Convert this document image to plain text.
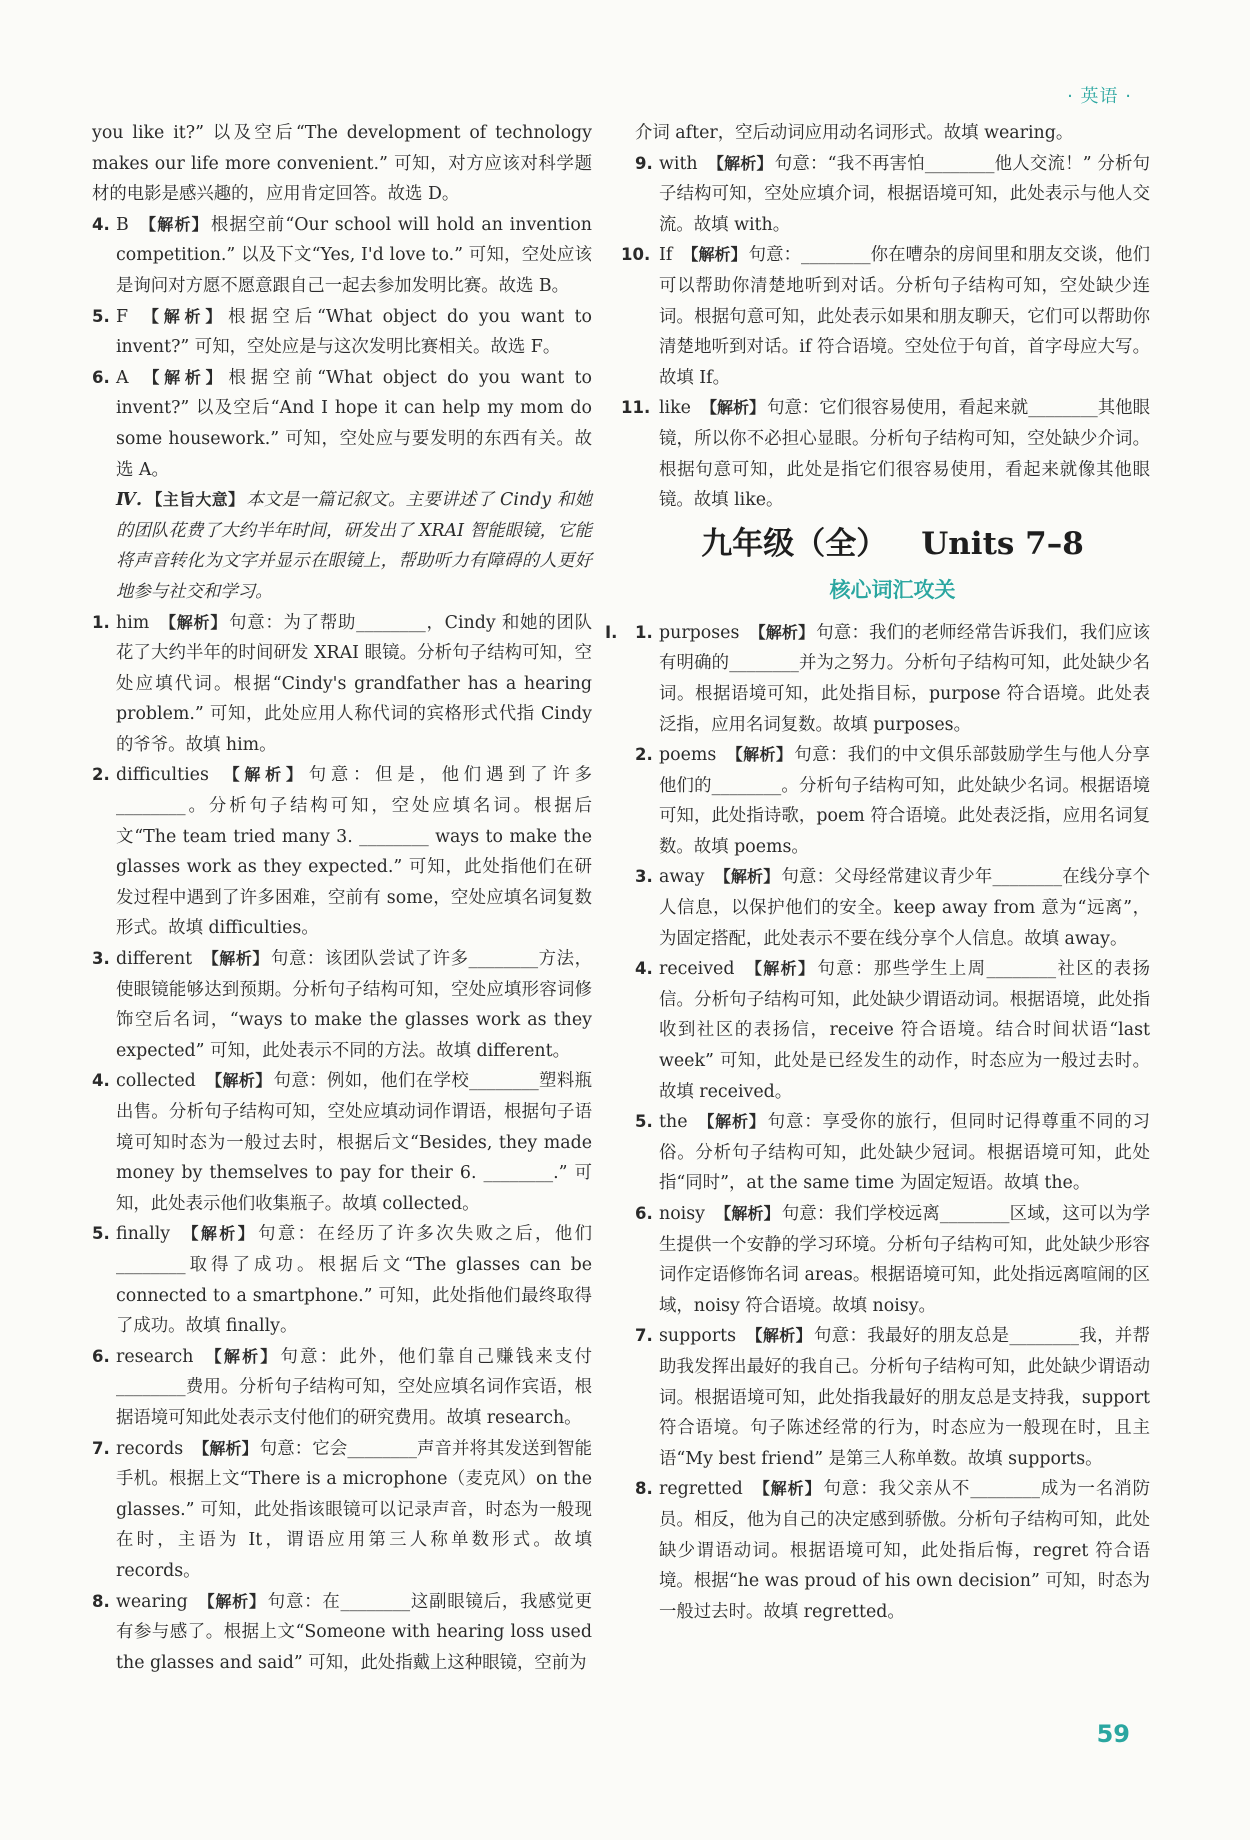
· 英语 ·

you like it?” 以及空后“The development of technology makes our life more convenient.” 可知，对方应该对科学题材的电影是感兴趣的，应用肯定回答。故选 D。

4. B 【解析】 根据空前“Our school will hold an invention competition.” 以及下文“Yes, I'd love to.” 可知，空处应该是询问对方愿不愿意跟自己一起去参加发明比赛。故选 B。

5. F 【解析】 根据空后“What object do you want to invent?” 可知，空处应是与这次发明比赛相关。故选 F。

6. A 【解析】 根据空前“What object do you want to invent?” 以及空后“And I hope it can help my mom do some housework.” 可知，空处应与要发明的东西有关。故选 A。

Ⅳ. 【主旨大意】 本文是一篇记叙文。主要讲述了 Cindy 和她的团队花费了大约半年时间，研发出了 XRAI 智能眼镜，它能将声音转化为文字并显示在眼镜上，帮助听力有障碍的人更好地参与社交和学习。

1. him 【解析】 句意：为了帮助________，Cindy 和她的团队花了大约半年的时间研发 XRAI 眼镜。分析句子结构可知，空处应填代词。根据“Cindy's grandfather has a hearing problem.” 可知，此处应用人称代词的宾格形式代指 Cindy 的爷爷。故填 him。

2. difficulties 【解析】 句意：但是，他们遇到了许多________。分析句子结构可知，空处应填名词。根据后文“The team tried many 3. ________ ways to make the glasses work as they expected.” 可知，此处指他们在研发过程中遇到了许多困难，空前有 some，空处应填名词复数形式。故填 difficulties。

3. different 【解析】 句意：该团队尝试了许多________方法，使眼镜能够达到预期。分析句子结构可知，空处应填形容词修饰空后名词，“ways to make the glasses work as they expected” 可知，此处表示不同的方法。故填 different。

4. collected 【解析】 句意：例如，他们在学校________塑料瓶出售。分析句子结构可知，空处应填动词作谓语，根据句子语境可知时态为一般过去时，根据后文“Besides, they made money by themselves to pay for their 6. ________.” 可知，此处表示他们收集瓶子。故填 collected。

5. finally 【解析】 句意：在经历了许多次失败之后，他们________取得了成功。根据后文“The glasses can be connected to a smartphone.” 可知，此处指他们最终取得了成功。故填 finally。

6. research 【解析】 句意：此外，他们靠自己赚钱来支付________费用。分析句子结构可知，空处应填名词作宾语，根据语境可知此处表示支付他们的研究费用。故填 research。

7. records 【解析】 句意：它会________声音并将其发送到智能手机。根据上文“There is a microphone（麦克风）on the glasses.” 可知，此处指该眼镜可以记录声音，时态为一般现在时，主语为 It，谓语应用第三人称单数形式。故填 records。

8. wearing 【解析】 句意：在________这副眼镜后，我感觉更有参与感了。根据上文“Someone with hearing loss used the glasses and said” 可知，此处指戴上这种眼镜，空前为

介词 after，空后动词应用动名词形式。故填 wearing。

9. with 【解析】 句意：“我不再害怕________他人交流！” 分析句子结构可知，空处应填介词，根据语境可知，此处表示与他人交流。故填 with。

10. If 【解析】 句意：________你在嘈杂的房间里和朋友交谈，他们可以帮助你清楚地听到对话。分析句子结构可知，空处缺少连词。根据句意可知，此处表示如果和朋友聊天，它们可以帮助你清楚地听到对话。if 符合语境。空处位于句首，首字母应大写。故填 If。

11. like 【解析】 句意：它们很容易使用，看起来就________其他眼镜，所以你不必担心显眼。分析句子结构可知，空处缺少介词。根据句意可知，此处是指它们很容易使用，看起来就像其他眼镜。故填 like。

九年级（全） Units 7–8
核心词汇攻关

Ⅰ. 1. purposes 【解析】 句意：我们的老师经常告诉我们，我们应该有明确的________并为之努力。分析句子结构可知，此处缺少名词。根据语境可知，此处指目标，purpose 符合语境。此处表泛指，应用名词复数。故填 purposes。

2. poems 【解析】 句意：我们的中文俱乐部鼓励学生与他人分享他们的________。分析句子结构可知，此处缺少名词。根据语境可知，此处指诗歌，poem 符合语境。此处表泛指，应用名词复数。故填 poems。

3. away 【解析】 句意：父母经常建议青少年________在线分享个人信息，以保护他们的安全。keep away from 意为“远离”，为固定搭配，此处表示不要在线分享个人信息。故填 away。

4. received 【解析】 句意：那些学生上周________社区的表扬信。分析句子结构可知，此处缺少谓语动词。根据语境，此处指收到社区的表扬信，receive 符合语境。结合时间状语“last week” 可知，此处是已经发生的动作，时态应为一般过去时。故填 received。

5. the 【解析】 句意：享受你的旅行，但同时记得尊重不同的习俗。分析句子结构可知，此处缺少冠词。根据语境可知，此处指“同时”，at the same time 为固定短语。故填 the。

6. noisy 【解析】 句意：我们学校远离________区域，这可以为学生提供一个安静的学习环境。分析句子结构可知，此处缺少形容词作定语修饰名词 areas。根据语境可知，此处指远离喧闹的区域，noisy 符合语境。故填 noisy。

7. supports 【解析】 句意：我最好的朋友总是________我，并帮助我发挥出最好的我自己。分析句子结构可知，此处缺少谓语动词。根据语境可知，此处指我最好的朋友总是支持我，support 符合语境。句子陈述经常的行为，时态应为一般现在时，且主语“My best friend” 是第三人称单数。故填 supports。

8. regretted 【解析】 句意：我父亲从不________成为一名消防员。相反，他为自己的决定感到骄傲。分析句子结构可知，此处缺少谓语动词。根据语境可知，此处指后悔，regret 符合语境。根据“he was proud of his own decision” 可知，时态为一般过去时。故填 regretted。

59
